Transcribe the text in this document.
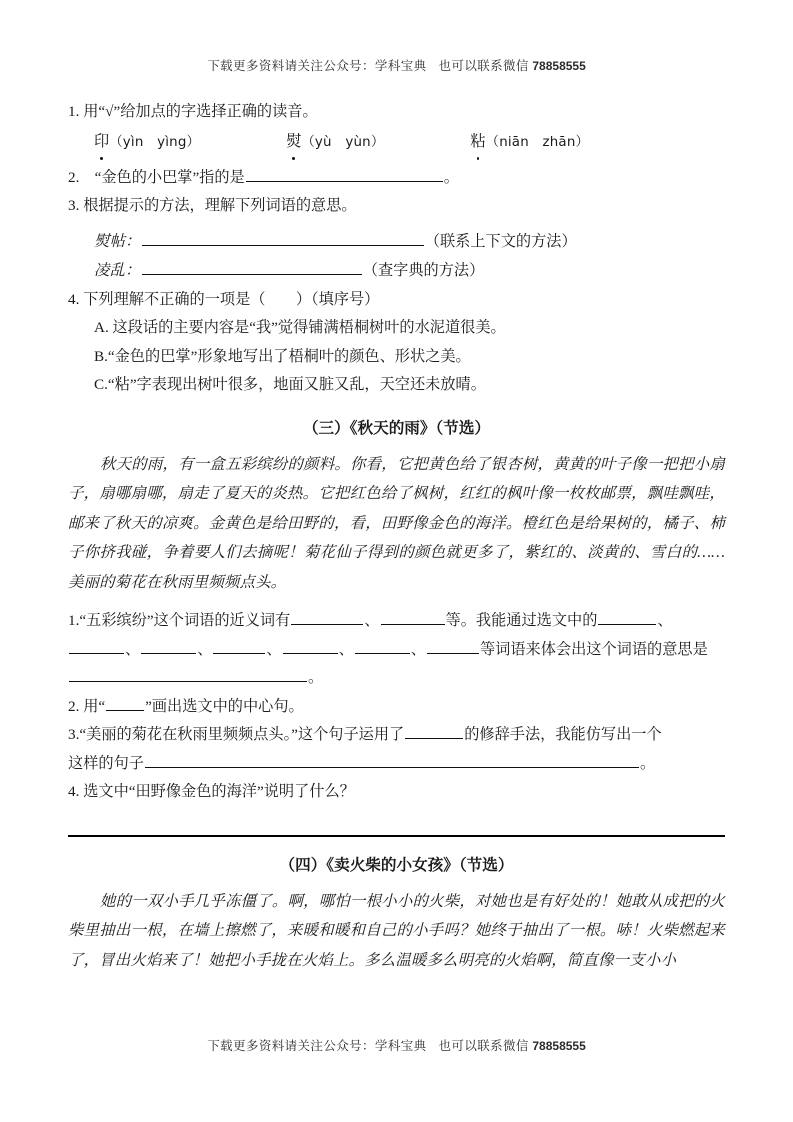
下载更多资料请关注公众号：学科宝典 也可以联系微信 78858555
1. 用“√”给加点的字选择正确的读音。
印（yìn　yìng）	熨（yù　yùn）	粘（niān　zhān）
2.　“金色的小巴掌”指的是	。
3. 根据提示的方法，理解下列词语的意思。
熨帖：	（联系上下文的方法）
凌乱：	（查字典的方法）
4. 下列理解不正确的一项是（　　）（填序号）
A. 这段话的主要内容是“我”觉得铺满梧桐树叶的水泥道很美。
B.“金色的巴掌”形象地写出了梧桐叶的颜色、形状之美。
C.“粘”字表现出树叶很多，地面又脏又乱，天空还未放晴。
（三）《秋天的雨》（节选）
秋天的雨，有一盒五彩缤纷的颜料。你看，它把黄色给了银杏树，黄黄的叶子像一把把小扇子，扇哪扇哪，扇走了夏天的炎热。它把红色给了枫树，红红的枫叶像一枚枚邮票，飘哇飘哇，邮来了秋天的凉爽。金黄色是给田野的，看，田野像金色的海洋。橙红色是给果树的，橘子、柿子你挤我碰，争着要人们去摘呢！菊花仙子得到的颜色就更多了，紫红的、淡黄的、雪白的……美丽的菊花在秋雨里频频点头。
1.“五彩缤纷”这个词语的近义词有	、	等。我能通过选文中的	、
、	、	、	、	、	等词语来体会出这个词语的意思是
。
2. 用“	”画出选文中的中心句。
3.“美丽的菊花在秋雨里频频点头。”这个句子运用了	的修辞手法，我能仿写出一个
这样的句子	。
4. 选文中“田野像金色的海洋”说明了什么？
（四）《卖火柴的小女孩》（节选）
她的一双小手几乎冻僵了。啊，哪怕一根小小的火柴，对她也是有好处的！她敢从成把的火柴里抽出一根，在墙上擦燃了，来暖和暖和自己的小手吗？她终于抽出了一根。哧！火柴燃起来了，冒出火焰来了！她把小手拢在火焰上。多么温暖多么明亮的火焰啊，简直像一支小小
下载更多资料请关注公众号：学科宝典 也可以联系微信 78858555
